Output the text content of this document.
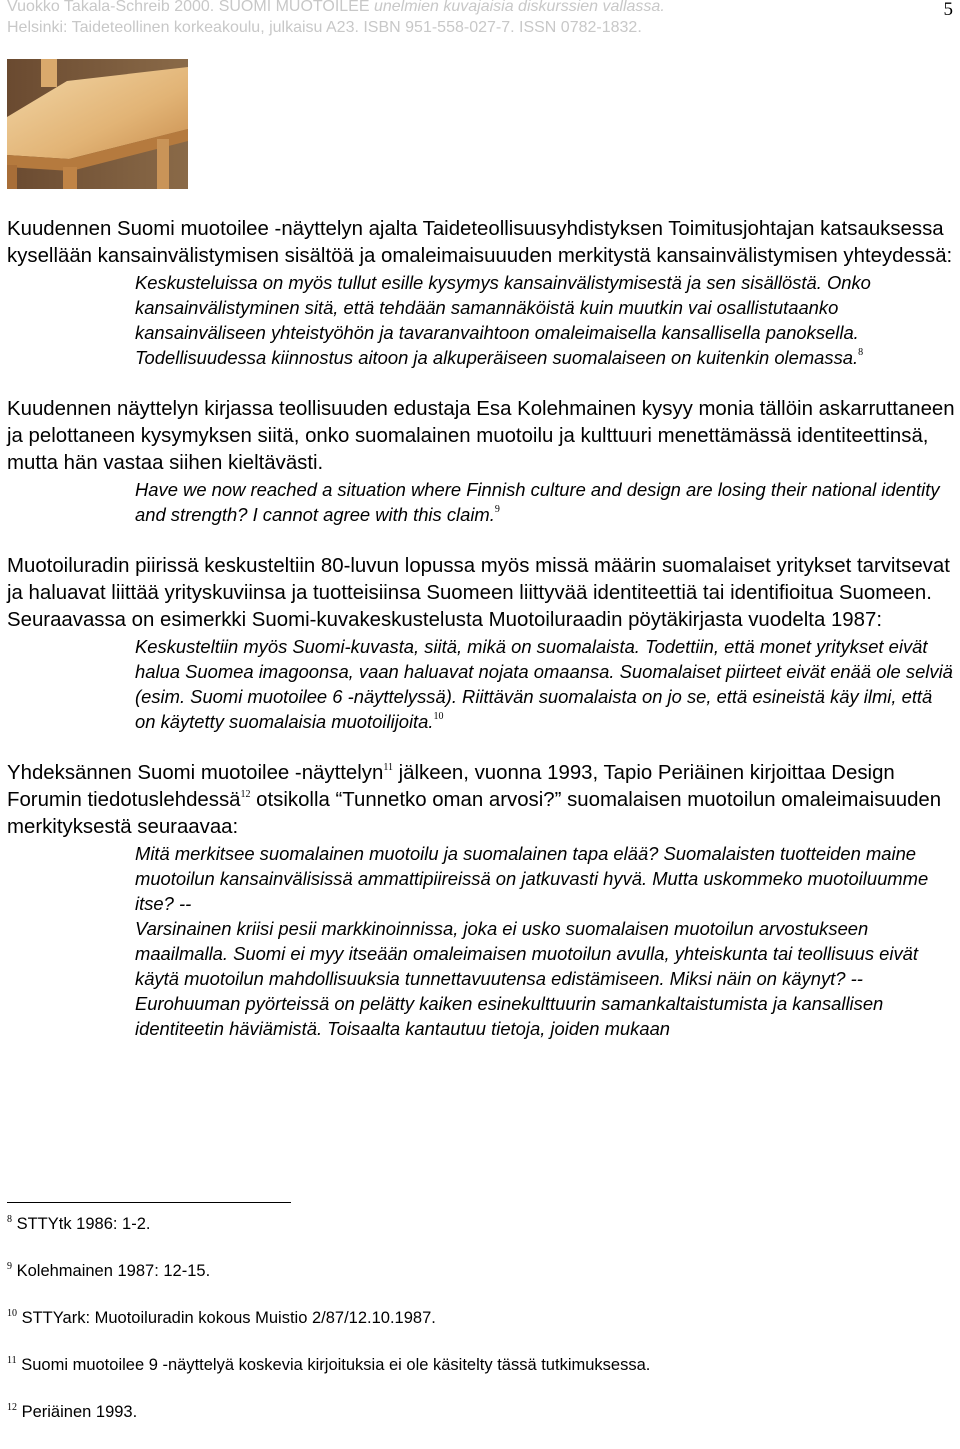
Vuokko Takala-Schreib 2000. SUOMI MUOTOILEE unelmien kuvajaisia diskurssien vallassa.
Helsinki: Taideteollinen korkeakoulu, julkaisu A23. ISBN 951-558-027-7. ISSN 0782-1832.
5

Kuudennen Suomi muotoilee -näyttelyn ajalta Taideteollisuusyhdistyksen Toimitusjohtajan katsauksessa kysellään kansainvälistymisen sisältöä ja omaleimaisuuuden merkitystä kansainvälistymisen yhteydessä:

Keskusteluissa on myös tullut esille kysymys kansainvälistymisestä ja sen sisällöstä. Onko kansainvälistyminen sitä, että tehdään samannäköistä kuin muutkin vai osallistutaanko kansainväliseen yhteistyöhön ja tavaranvaihtoon omaleimaisella kansallisella panoksella. Todellisuudessa kiinnostus aitoon ja alkuperäiseen suomalaiseen on kuitenkin olemassa.$^8$

Kuudennen näyttelyn kirjassa teollisuuden edustaja Esa Kolehmainen kysyy monia tällöin askarruttaneen ja pelottaneen kysymyksen siitä, onko suomalainen muotoilu ja kulttuuri menettämässä identiteettinsä, mutta hän vastaa siihen kieltävästi.

Have we now reached a situation where Finnish culture and design are losing their national identity and strength? I cannot agree with this claim.$^9$

Muotoiluradin piirissä keskusteltiin 80-luvun lopussa myös missä määrin suomalaiset yritykset tarvitsevat ja haluavat liittää yrityskuviinsa ja tuotteisiinsa Suomeen liittyvää identiteettiä tai identifioitua Suomeen. Seuraavassa on esimerkki Suomi-kuvakeskustelusta Muotoiluraadin pöytäkirjasta vuodelta 1987:

Keskusteltiin myös Suomi-kuvasta, siitä, mikä on suomalaista. Todettiin, että monet yritykset eivät halua Suomea imagoonsa, vaan haluavat nojata omaansa. Suomalaiset piirteet eivät enää ole selviä (esim. Suomi muotoilee 6 -näyttelyssä). Riittävän suomalaista on jo se, että esineistä käy ilmi, että on käytetty suomalaisia muotoilijoita.$^{10}$

Yhdeksännen Suomi muotoilee -näyttelyn$^{11}$ jälkeen, vuonna 1993, Tapio Periäinen kirjoittaa Design Forumin tiedotuslehdessä$^{12}$ otsikolla “Tunnetko oman arvosi?” suomalaisen muotoilun omaleimaisuuden merkityksestä seuraavaa:

Mitä merkitsee suomalainen muotoilu ja suomalainen tapa elää? Suomalaisten tuotteiden maine muotoilun kansainvälisissä ammattipiireissä on jatkuvasti hyvä. Mutta uskommeko muotoiluumme itse? --

Varsinainen kriisi pesii markkinoinnissa, joka ei usko suomalaisen muotoilun arvostukseen maailmalla. Suomi ei myy itseään omaleimaisen muotoilun avulla, yhteiskunta tai teollisuus eivät käytä muotoilun mahdollisuuksia tunnettavuutensa edistämiseen. Miksi näin on käynyt? --

Eurohuuman pyörteissä on pelätty kaiken esinekulttuurin samankaltaistumista ja kansallisen identiteetin häviämistä. Toisaalta kantautuu tietoja, joiden mukaan

$^8$ STTYtk 1986: 1-2.
$^9$ Kolehmainen 1987: 12-15.
$^{10}$ STTYark: Muotoiluradin kokous Muistio 2/87/12.10.1987.
$^{11}$ Suomi muotoilee 9 -näyttelyä koskevia kirjoituksia ei ole käsitelty tässä tutkimuksessa.
$^{12}$ Periäinen 1993.
